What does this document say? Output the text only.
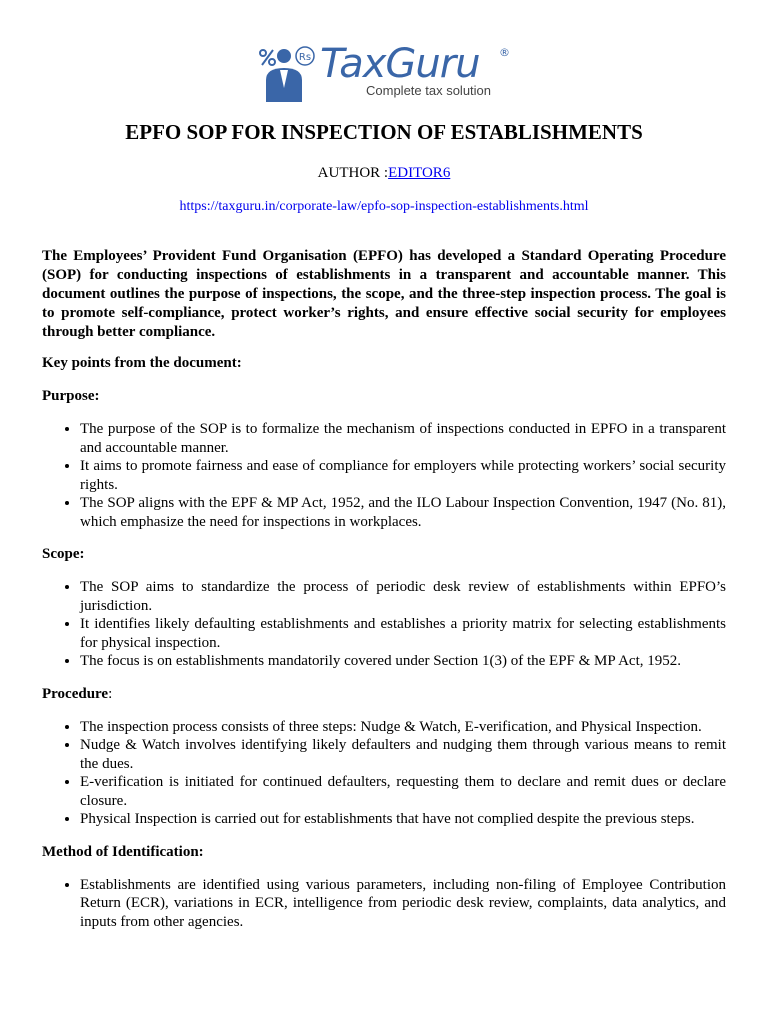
Rs TaxGuru ®
Complete tax solution
EPFO SOP FOR INSPECTION OF ESTABLISHMENTS
AUTHOR :EDITOR6
https://taxguru.in/corporate-law/epfo-sop-inspection-establishments.html

The Employees’ Provident Fund Organisation (EPFO) has developed a Standard Operating Procedure (SOP) for conducting inspections of establishments in a transparent and accountable manner. This document outlines the purpose of inspections, the scope, and the three-step inspection process. The goal is to promote self-compliance, protect worker’s rights, and ensure effective social security for employees through better compliance.

Key points from the document:

Purpose:

• The purpose of the SOP is to formalize the mechanism of inspections conducted in EPFO in a transparent and accountable manner.
• It aims to promote fairness and ease of compliance for employers while protecting workers’ social security rights.
• The SOP aligns with the EPF & MP Act, 1952, and the ILO Labour Inspection Convention, 1947 (No. 81), which emphasize the need for inspections in workplaces.

Scope:

• The SOP aims to standardize the process of periodic desk review of establishments within EPFO’s jurisdiction.
• It identifies likely defaulting establishments and establishes a priority matrix for selecting establishments for physical inspection.
• The focus is on establishments mandatorily covered under Section 1(3) of the EPF & MP Act, 1952.

Procedure:

• The inspection process consists of three steps: Nudge & Watch, E-verification, and Physical Inspection.
• Nudge & Watch involves identifying likely defaulters and nudging them through various means to remit the dues.
• E-verification is initiated for continued defaulters, requesting them to declare and remit dues or declare closure.
• Physical Inspection is carried out for establishments that have not complied despite the previous steps.

Method of Identification:

• Establishments are identified using various parameters, including non-filing of Employee Contribution Return (ECR), variations in ECR, intelligence from periodic desk review, complaints, data analytics, and inputs from other agencies.
